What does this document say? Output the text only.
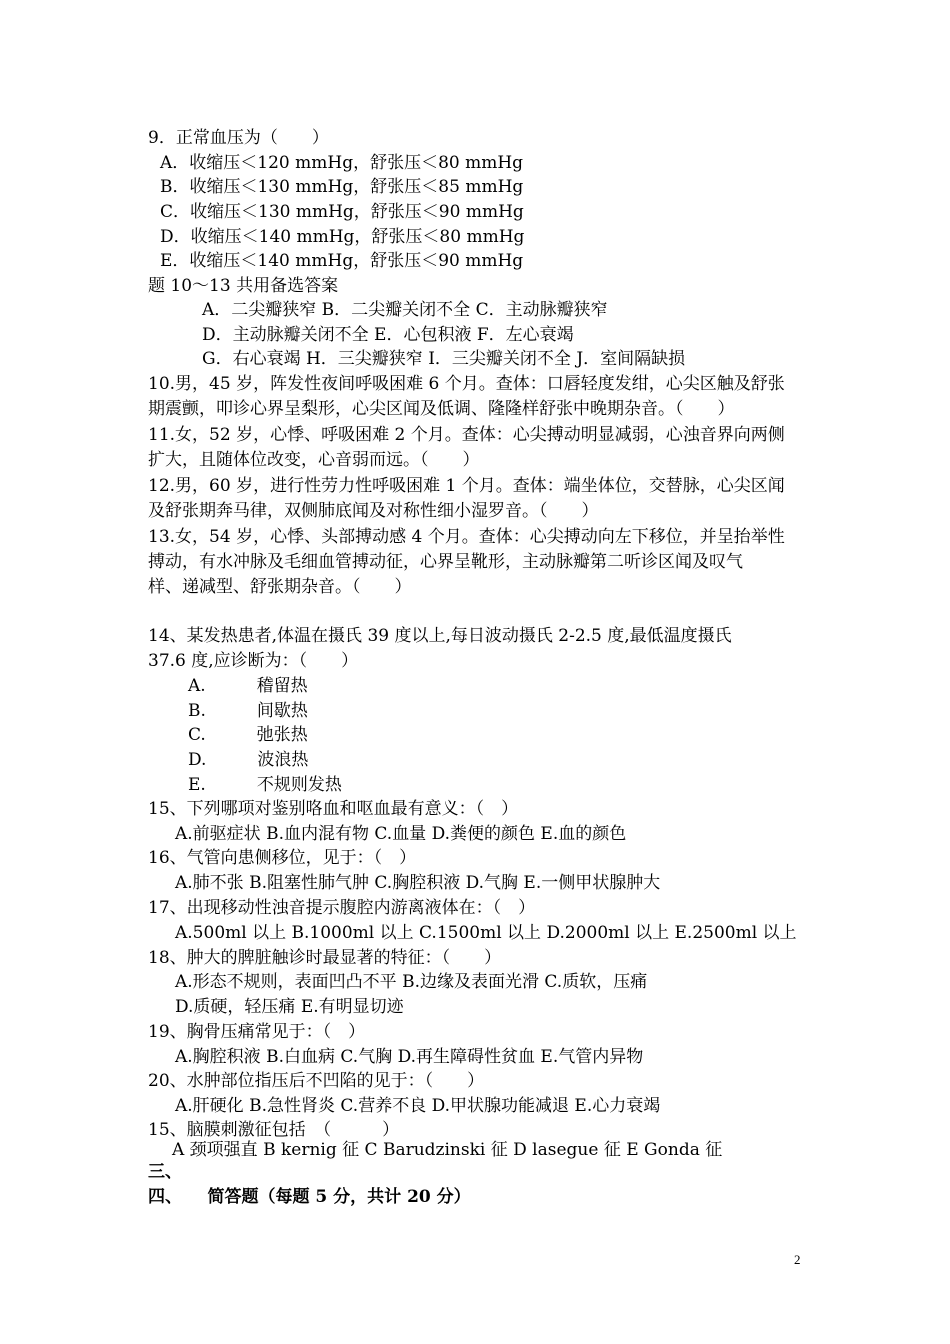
9．正常血压为（　　）
A．收缩压＜120 mmHg，舒张压＜80 mmHg
B．收缩压＜130 mmHg，舒张压＜85 mmHg
C．收缩压＜130 mmHg，舒张压＜90 mmHg
D．收缩压＜140 mmHg，舒张压＜80 mmHg
E．收缩压＜140 mmHg，舒张压＜90 mmHg
题 10～13 共用备选答案
A．二尖瓣狭窄 B．二尖瓣关闭不全 C．主动脉瓣狭窄
D．主动脉瓣关闭不全 E．心包积液 F．左心衰竭
G．右心衰竭 H．三尖瓣狭窄 I．三尖瓣关闭不全 J．室间隔缺损
10.男，45 岁，阵发性夜间呼吸困难 6 个月。查体：口唇轻度发绀，心尖区触及舒张
期震颤，叩诊心界呈梨形，心尖区闻及低调、隆隆样舒张中晚期杂音。（　　）
11.女，52 岁，心悸、呼吸困难 2 个月。查体：心尖搏动明显减弱，心浊音界向两侧
扩大，且随体位改变，心音弱而远。（　　）
12.男，60 岁，进行性劳力性呼吸困难 1 个月。查体：端坐体位，交替脉，心尖区闻
及舒张期奔马律，双侧肺底闻及对称性细小湿罗音。（　　）
13.女，54 岁，心悸、头部搏动感 4 个月。查体：心尖搏动向左下移位，并呈抬举性
搏动，有水冲脉及毛细血管搏动征，心界呈靴形，主动脉瓣第二听诊区闻及叹气
样、递减型、舒张期杂音。（　　）
14、某发热患者,体温在摄氏 39 度以上,每日波动摄氏 2-2.5 度,最低温度摄氏
37.6 度,应诊断为：（　　）
A.　　　稽留热
B.　　　间歇热
C.　　　弛张热
D.　　　波浪热
E.　　　不规则发热
15、下列哪项对鉴别咯血和呕血最有意义：（　）
A.前驱症状 B.血内混有物 C.血量 D.粪便的颜色 E.血的颜色
16、气管向患侧移位，见于：（　）
A.肺不张 B.阻塞性肺气肿 C.胸腔积液 D.气胸 E.一侧甲状腺肿大
17、出现移动性浊音提示腹腔内游离液体在：（　）
A.500ml 以上 B.1000ml 以上 C.1500ml 以上 D.2000ml 以上 E.2500ml 以上
18、肿大的脾脏触诊时最显著的特征：（　　）
A.形态不规则，表面凹凸不平 B.边缘及表面光滑 C.质软，压痛
D.质硬，轻压痛 E.有明显切迹
19、胸骨压痛常见于：（　）
A.胸腔积液 B.白血病 C.气胸 D.再生障碍性贫血 E.气管内异物
20、水肿部位指压后不凹陷的见于：（　　）
A.肝硬化 B.急性肾炎 C.营养不良 D.甲状腺功能减退 E.心力衰竭
15、脑膜刺激征包括　（　　　）
A 颈项强直 B kernig 征 C Barudzinski 征 D lasegue 征 E Gonda 征
三、
四、　　简答题（每题 5 分，共计 20 分）
2
